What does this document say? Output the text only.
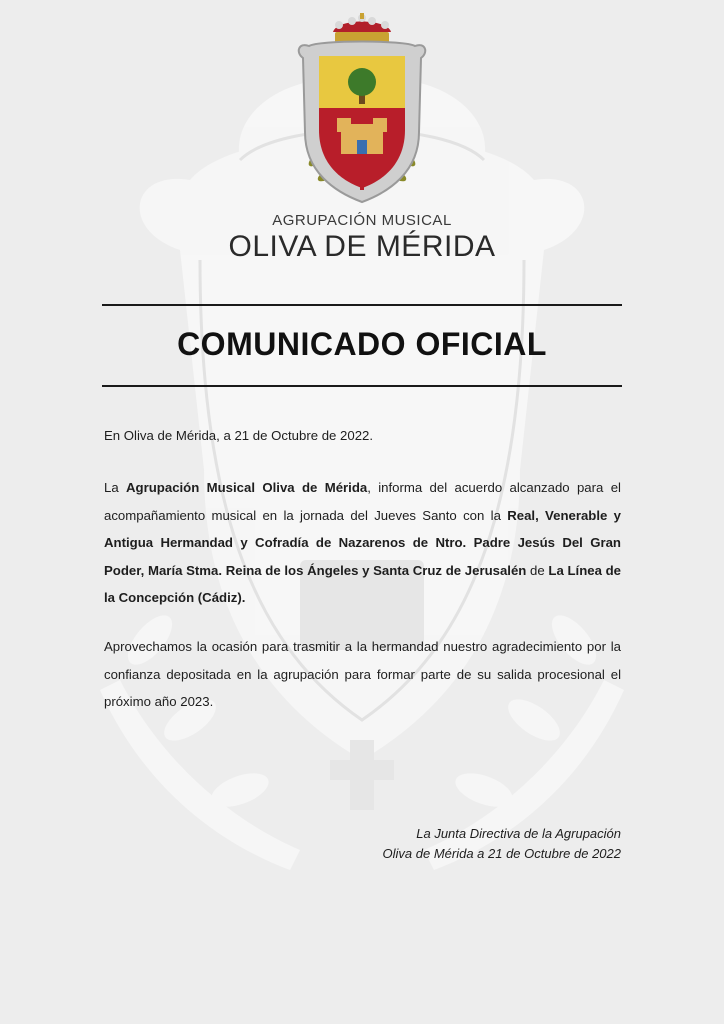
AGRUPACIÓN MUSICAL
OLIVA DE MÉRIDA
COMUNICADO OFICIAL
En Oliva de Mérida, a 21 de Octubre de 2022.
La Agrupación Musical Oliva de Mérida, informa del acuerdo alcanzado para el acompañamiento musical en la jornada del Jueves Santo con la Real, Venerable y Antigua Hermandad y Cofradía de Nazarenos de Ntro. Padre Jesús Del Gran Poder, María Stma. Reina de los Ángeles y Santa Cruz de Jerusalén de La Línea de la Concepción (Cádiz).
Aprovechamos la ocasión para trasmitir a la hermandad nuestro agradecimiento por la confianza depositada en la agrupación para formar parte de su salida procesional el próximo año 2023.
La Junta Directiva de la Agrupación
Oliva de Mérida a 21 de Octubre de 2022
